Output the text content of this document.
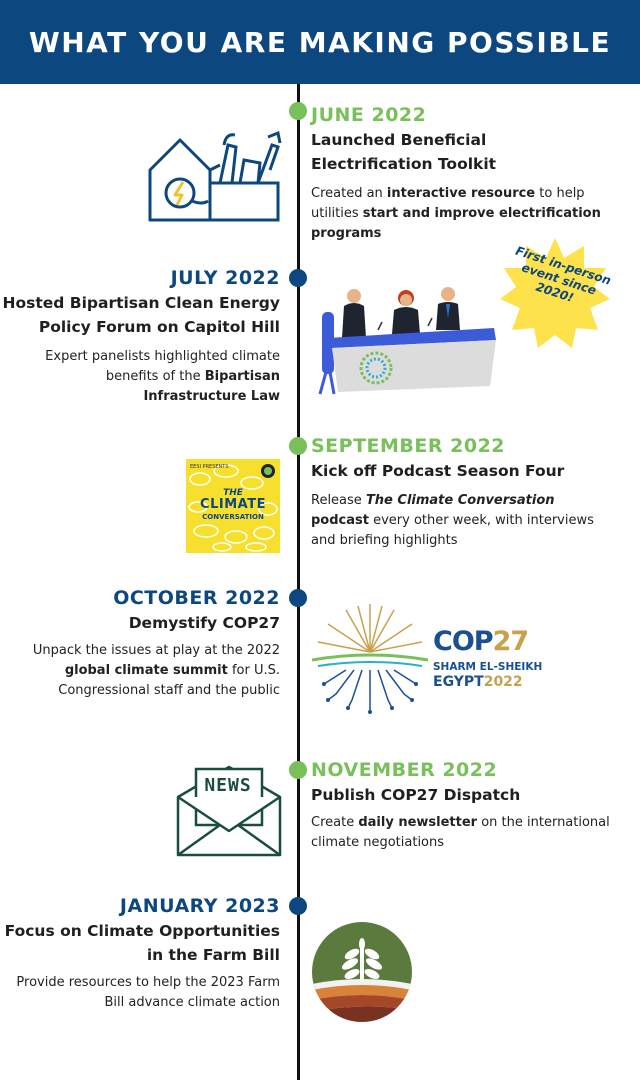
WHAT YOU ARE MAKING POSSIBLE
JUNE 2022
Launched Beneficial Electrification Toolkit
Created an interactive resource to help utilities start and improve electrification programs
JULY 2022
Hosted Bipartisan Clean Energy Policy Forum on Capitol Hill
Expert panelists highlighted climate benefits of the Bipartisan Infrastructure Law
SEPTEMBER 2022
Kick off Podcast Season Four
Release The Climate Conversation podcast every other week, with interviews and briefing highlights
OCTOBER 2022
Demystify COP27
Unpack the issues at play at the 2022 global climate summit for U.S. Congressional staff and the public
NOVEMBER 2022
Publish COP27 Dispatch
Create daily newsletter on the international climate negotiations
JANUARY 2023
Focus on Climate Opportunities in the Farm Bill
Provide resources to help the 2023 Farm Bill advance climate action
First in-person event since 2020!
EESI PRESENTS
THE
CLIMATE
CONVERSATION
COP27
SHARM EL-SHEIKH
EGYPT2022
NEWS
